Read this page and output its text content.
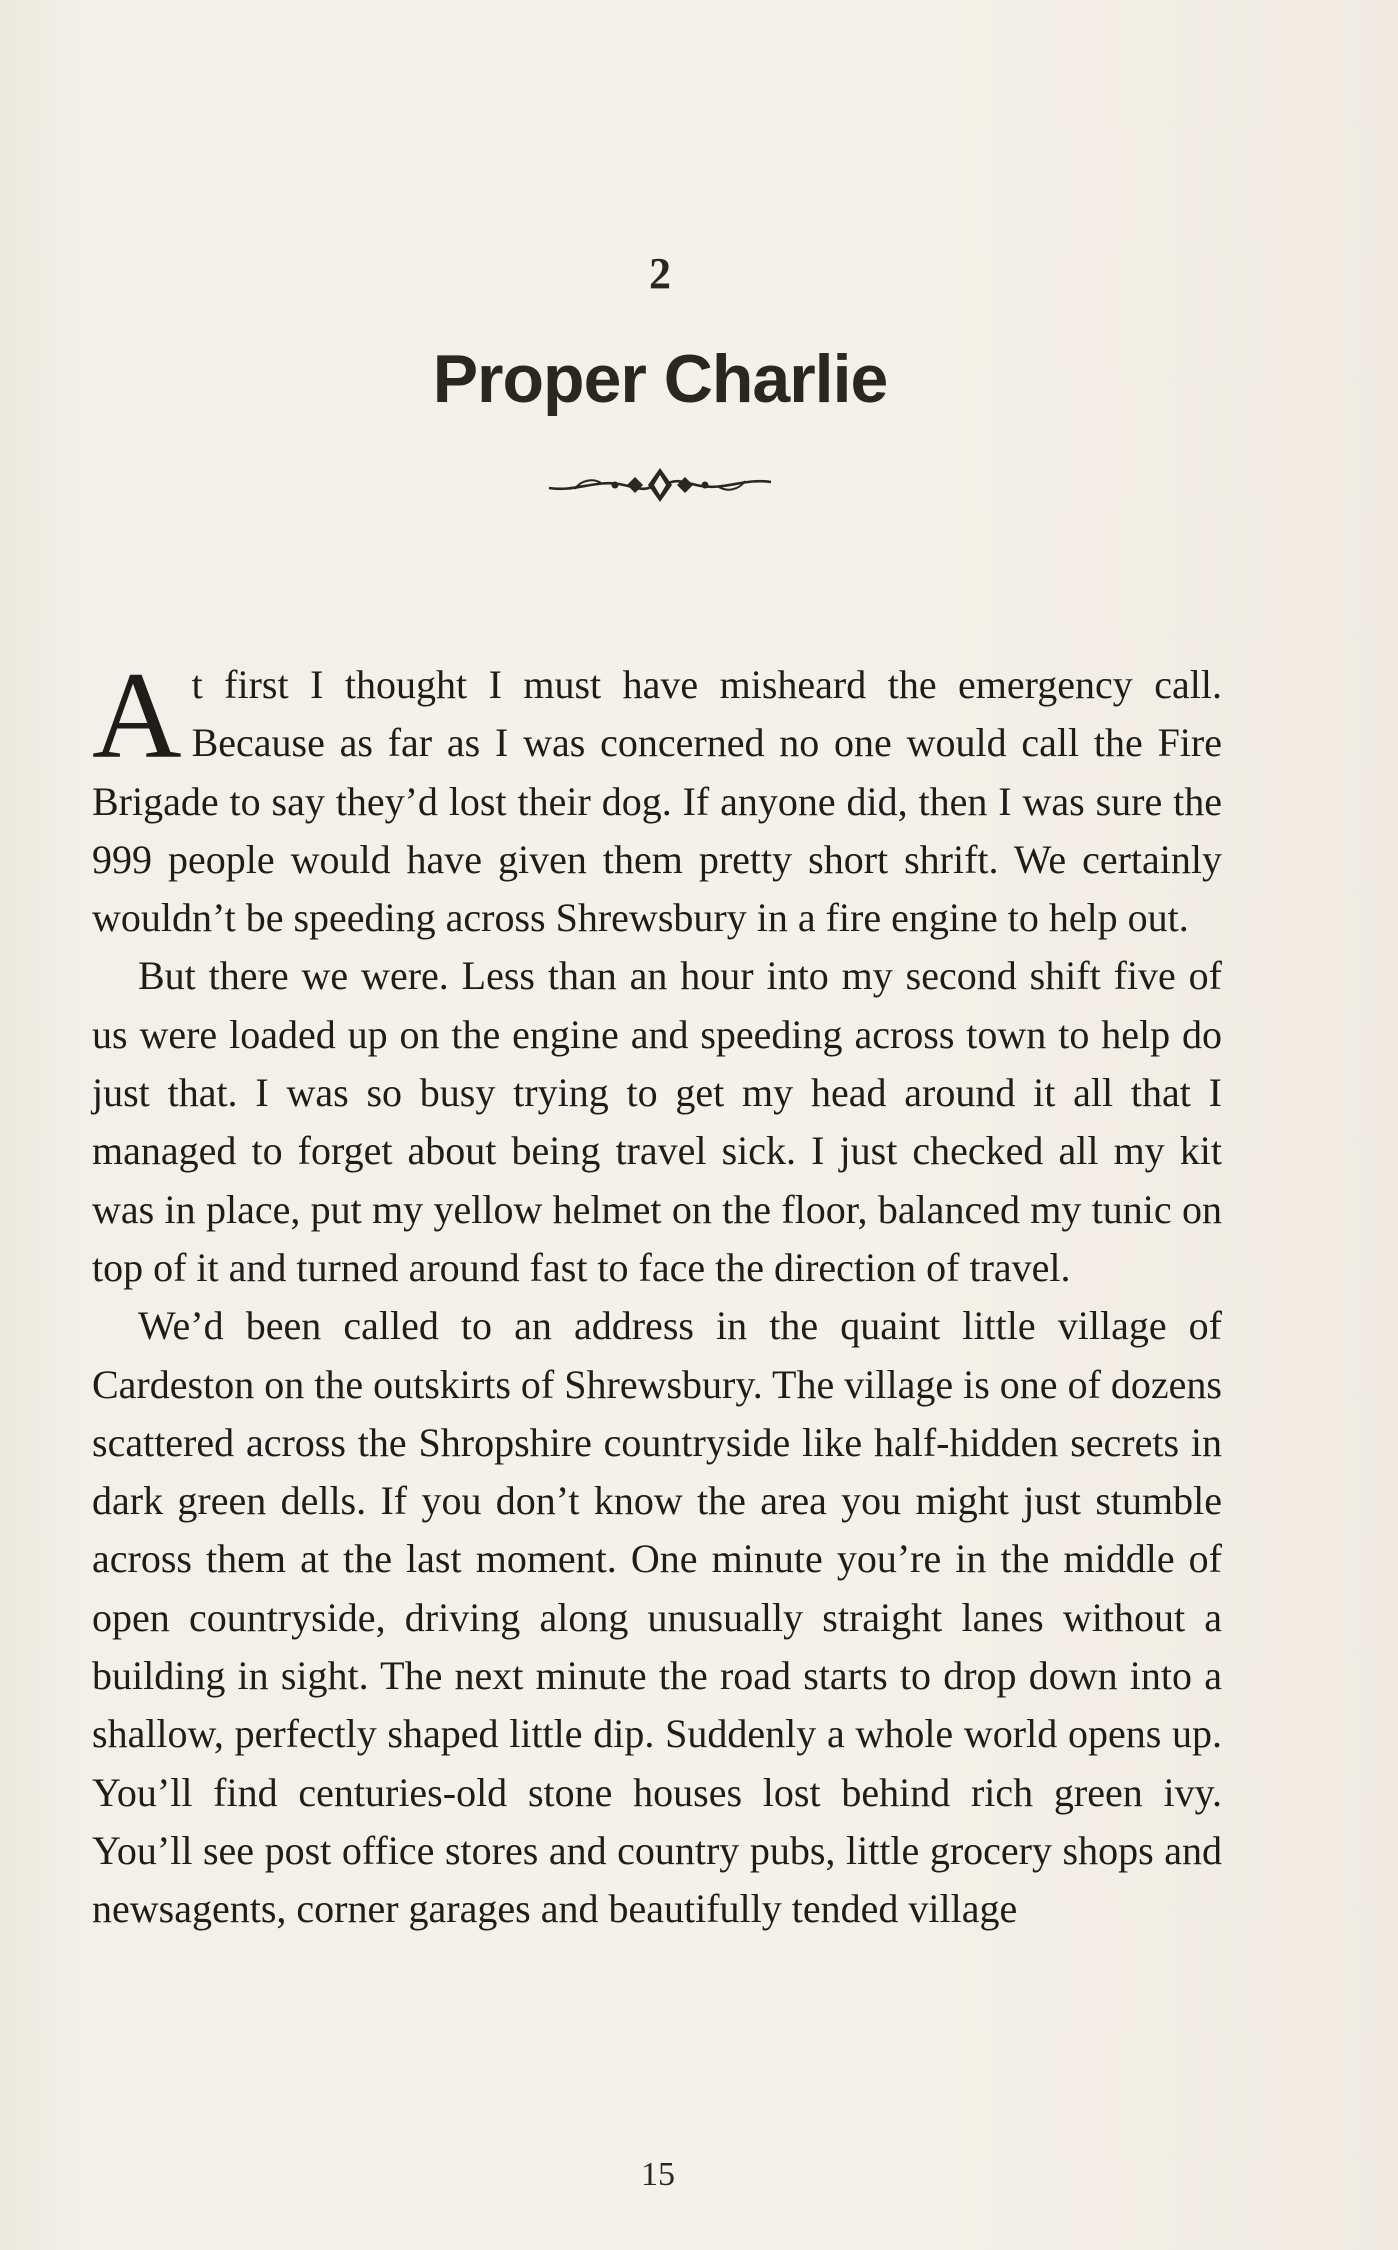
2
Proper Charlie

At first I thought I must have misheard the emergency call. Because as far as I was concerned no one would call the Fire Brigade to say they’d lost their dog. If anyone did, then I was sure the 999 people would have given them pretty short shrift. We certainly wouldn’t be speeding across Shrewsbury in a fire engine to help out.

But there we were. Less than an hour into my second shift five of us were loaded up on the engine and speeding across town to help do just that. I was so busy trying to get my head around it all that I managed to forget about being travel sick. I just checked all my kit was in place, put my yellow helmet on the floor, balanced my tunic on top of it and turned around fast to face the direction of travel.

We’d been called to an address in the quaint little village of Cardeston on the outskirts of Shrewsbury. The village is one of dozens scattered across the Shropshire countryside like half-hidden secrets in dark green dells. If you don’t know the area you might just stumble across them at the last moment. One minute you’re in the middle of open countryside, driving along unusually straight lanes without a building in sight. The next minute the road starts to drop down into a shallow, perfectly shaped little dip. Suddenly a whole world opens up. You’ll find centuries-old stone houses lost behind rich green ivy. You’ll see post office stores and country pubs, little grocery shops and newsagents, corner garages and beautifully tended village

15
